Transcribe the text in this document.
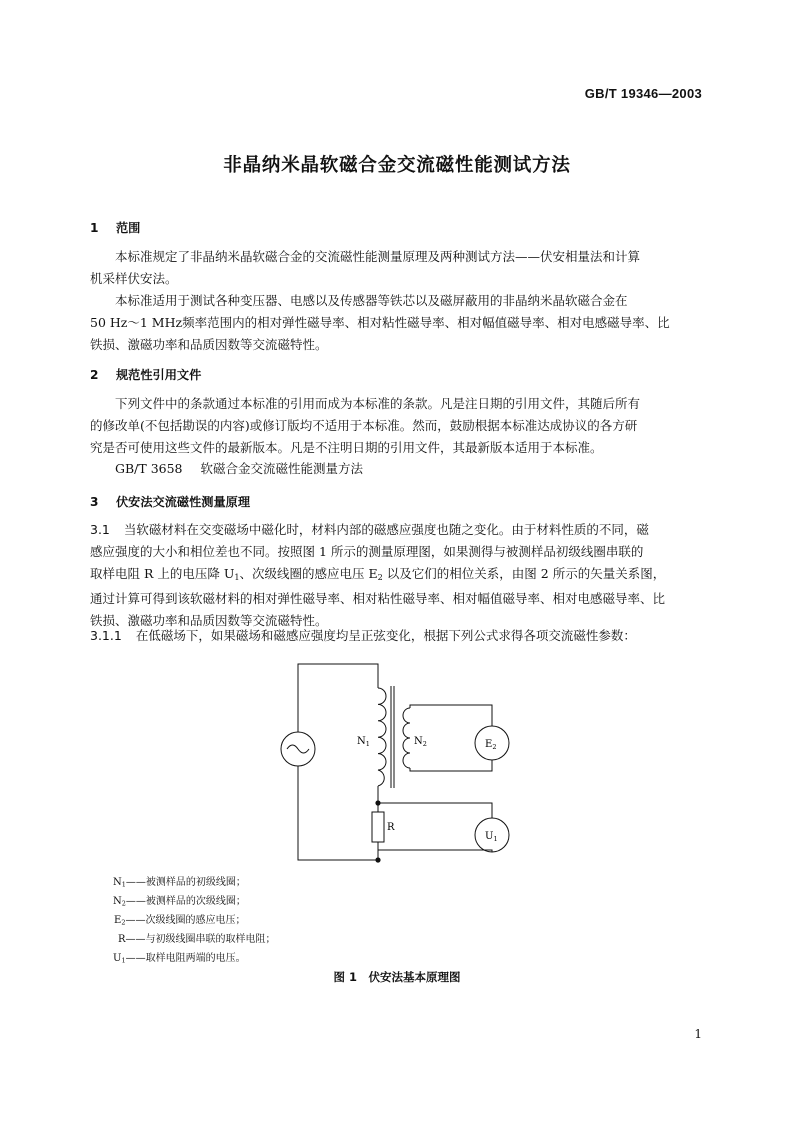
GB/T 19346—2003
非晶纳米晶软磁合金交流磁性能测试方法
1 范围
本标准规定了非晶纳米晶软磁合金的交流磁性能测量原理及两种测试方法——伏安相量法和计算
机采样伏安法。
本标准适用于测试各种变压器、电感以及传感器等铁芯以及磁屏蔽用的非晶纳米晶软磁合金在
50 Hz～1 MHz频率范围内的相对弹性磁导率、相对粘性磁导率、相对幅值磁导率、相对电感磁导率、比
铁损、激磁功率和品质因数等交流磁特性。
2 规范性引用文件
下列文件中的条款通过本标准的引用而成为本标准的条款。凡是注日期的引用文件，其随后所有
的修改单(不包括勘误的内容)或修订版均不适用于本标准。然而，鼓励根据本标准达成协议的各方研
究是否可使用这些文件的最新版本。凡是不注明日期的引用文件，其最新版本适用于本标准。
GB/T 3658 软磁合金交流磁性能测量方法
3 伏安法交流磁性测量原理
3.1 当软磁材料在交变磁场中磁化时，材料内部的磁感应强度也随之变化。由于材料性质的不同，磁
感应强度的大小和相位差也不同。按照图 1 所示的测量原理图，如果测得与被测样品初级线圈串联的
取样电阻 R 上的电压降 $U_1$、次级线圈的感应电压 $E_2$ 以及它们的相位关系，由图 2 所示的矢量关系图，
通过计算可得到该软磁材料的相对弹性磁导率、相对粘性磁导率、相对幅值磁导率、相对电感磁导率、比
铁损、激磁功率和品质因数等交流磁特性。
3.1.1 在低磁场下，如果磁场和磁感应强度均呈正弦变化，根据下列公式求得各项交流磁性参数：
$N_1$	$N_2$
R
$E_2$
$U_1$
$N_1——$被测样品的初级线圈；
$N_2——$被测样品的次级线圈；
$E_2——$次级线圈的感应电压；
R——与初级线圈串联的取样电阻；
$U_1——$取样电阻两端的电压。
图 1　伏安法基本原理图
1
